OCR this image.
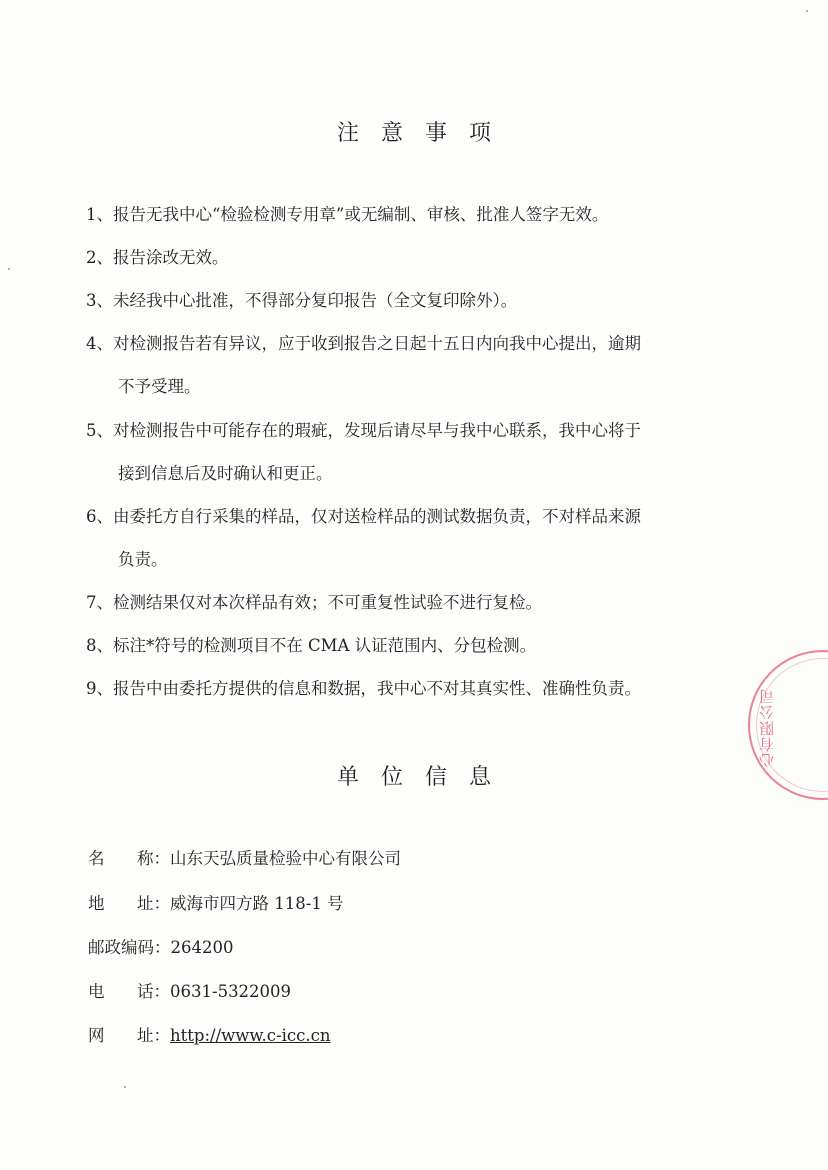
注意事项
1、报告无我中心“检验检测专用章”或无编制、审核、批准人签字无效。
2、报告涂改无效。
3、未经我中心批准，不得部分复印报告（全文复印除外）。
4、对检测报告若有异议，应于收到报告之日起十五日内向我中心提出，逾期
不予受理。
5、对检测报告中可能存在的瑕疵，发现后请尽早与我中心联系，我中心将于
接到信息后及时确认和更正。
6、由委托方自行采集的样品，仅对送检样品的测试数据负责，不对样品来源
负责。
7、检测结果仅对本次样品有效；不可重复性试验不进行复检。
8、标注*符号的检测项目不在 CMA 认证范围内、分包检测。
9、报告中由委托方提供的信息和数据，我中心不对其真实性、准确性负责。
单位信息
名 称： 山东天弘质量检验中心有限公司
地 址： 威海市四方路 118-1 号
邮政编码：264200
电 话： 0631-5322009
网 址： http://www.c-icc.cn
心有限公司
